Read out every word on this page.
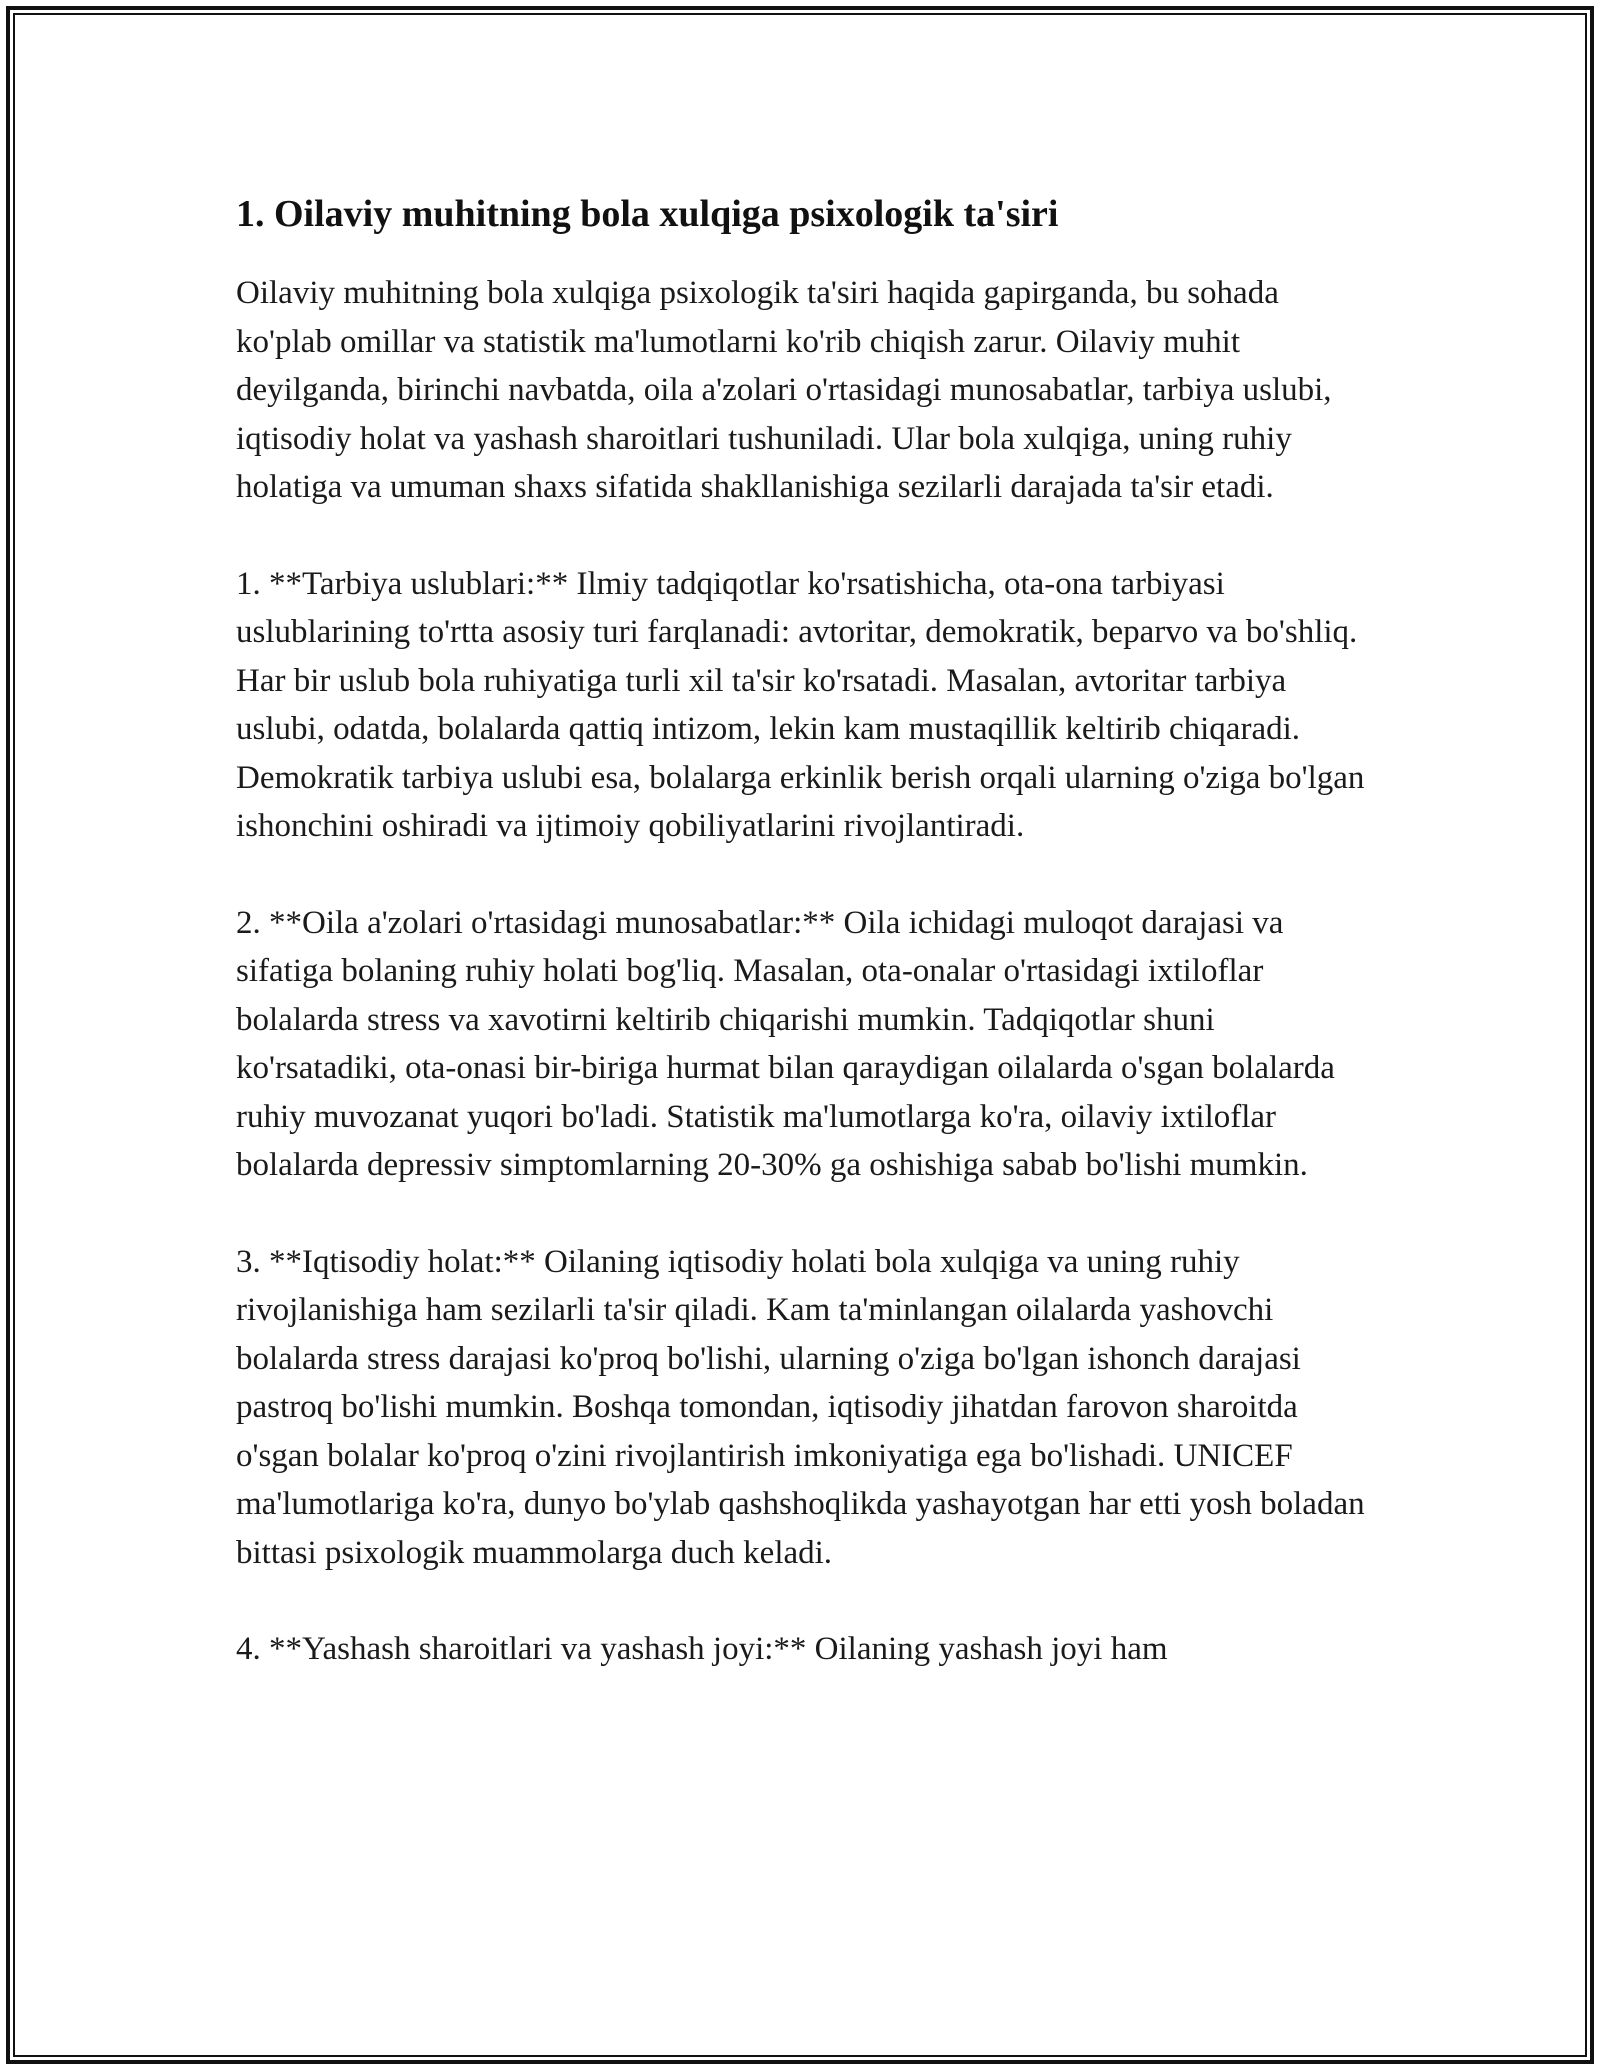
1. Oilaviy muhitning bola xulqiga psixologik ta'siri

Oilaviy muhitning bola xulqiga psixologik ta'siri haqida gapirganda, bu sohada ko'plab omillar va statistik ma'lumotlarni ko'rib chiqish zarur. Oilaviy muhit deyilganda, birinchi navbatda, oila a'zolari o'rtasidagi munosabatlar, tarbiya uslubi, iqtisodiy holat va yashash sharoitlari tushuniladi. Ular bola xulqiga, uning ruhiy holatiga va umuman shaxs sifatida shakllanishiga sezilarli darajada ta'sir etadi.

1. **Tarbiya uslublari:** Ilmiy tadqiqotlar ko'rsatishicha, ota-ona tarbiyasi uslublarining to'rtta asosiy turi farqlanadi: avtoritar, demokratik, beparvo va bo'shliq. Har bir uslub bola ruhiyatiga turli xil ta'sir ko'rsatadi. Masalan, avtoritar tarbiya uslubi, odatda, bolalarda qattiq intizom, lekin kam mustaqillik keltirib chiqaradi. Demokratik tarbiya uslubi esa, bolalarga erkinlik berish orqali ularning o'ziga bo'lgan ishonchini oshiradi va ijtimoiy qobiliyatlarini rivojlantiradi.

2. **Oila a'zolari o'rtasidagi munosabatlar:** Oila ichidagi muloqot darajasi va sifatiga bolaning ruhiy holati bog'liq. Masalan, ota-onalar o'rtasidagi ixtiloflar bolalarda stress va xavotirni keltirib chiqarishi mumkin. Tadqiqotlar shuni ko'rsatadiki, ota-onasi bir-biriga hurmat bilan qaraydigan oilalarda o'sgan bolalarda ruhiy muvozanat yuqori bo'ladi. Statistik ma'lumotlarga ko'ra, oilaviy ixtiloflar bolalarda depressiv simptomlarning 20-30% ga oshishiga sabab bo'lishi mumkin.

3. **Iqtisodiy holat:** Oilaning iqtisodiy holati bola xulqiga va uning ruhiy rivojlanishiga ham sezilarli ta'sir qiladi. Kam ta'minlangan oilalarda yashovchi bolalarda stress darajasi ko'proq bo'lishi, ularning o'ziga bo'lgan ishonch darajasi pastroq bo'lishi mumkin. Boshqa tomondan, iqtisodiy jihatdan farovon sharoitda o'sgan bolalar ko'proq o'zini rivojlantirish imkoniyatiga ega bo'lishadi. UNICEF ma'lumotlariga ko'ra, dunyo bo'ylab qashshoqlikda yashayotgan har etti yosh boladan bittasi psixologik muammolarga duch keladi.

4. **Yashash sharoitlari va yashash joyi:** Oilaning yashash joyi ham
